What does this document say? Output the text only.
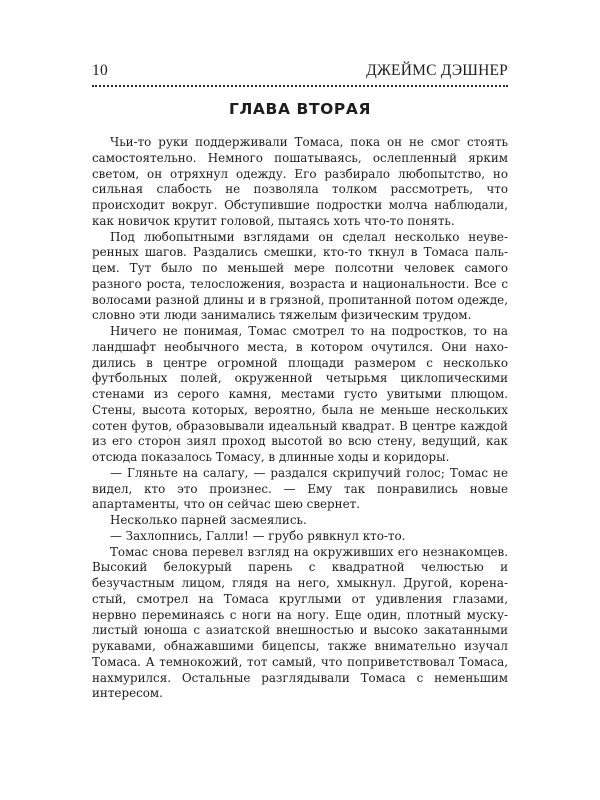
10	ДЖЕЙМС ДЭШНЕР
ГЛАВА ВТОРАЯ

Чьи-то руки поддерживали Томаса, пока он не смог стоять самостоятельно. Немного пошатываясь, ослепленный ярким светом, он отряхнул одежду. Его разбирало любопытство, но сильная слабость не позволяла толком рассмотреть, что происходит вокруг. Обступившие подростки молча наблюдали, как новичок крутит головой, пытаясь хоть что-то понять.

Под любопытными взглядами он сделал несколько неуверенных шагов. Раздались смешки, кто-то ткнул в Томаса пальцем. Тут было по меньшей мере полсотни человек самого разного роста, телосложения, возраста и национальности. Все с волосами разной длины и в грязной, пропитанной потом одежде, словно эти люди занимались тяжелым физическим трудом.

Ничего не понимая, Томас смотрел то на подростков, то на ландшафт необычного места, в котором очутился. Они находились в центре огромной площади размером с несколько футбольных полей, окруженной четырьмя циклопическими стенами из серого камня, местами густо увитыми плющом. Стены, высота которых, вероятно, была не меньше нескольких сотен футов, образовывали идеальный квадрат. В центре каждой из его сторон зиял проход высотой во всю стену, ведущий, как отсюда показалось Томасу, в длинные ходы и коридоры.

— Гляньте на салагу, — раздался скрипучий голос; Томас не видел, кто это произнес. — Ему так понравились новые апартаменты, что он сейчас шею свернет.

Несколько парней засмеялись.

— Захлопнись, Галли! — грубо рявкнул кто-то.

Томас снова перевел взгляд на окруживших его незнакомцев. Высокий белокурый парень с квадратной челюстью и безучастным лицом, глядя на него, хмыкнул. Другой, коренастый, смотрел на Томаса круглыми от удивления глазами, нервно переминаясь с ноги на ногу. Еще один, плотный мускулистый юноша с азиатской внешностью и высоко закатанными рукавами, обнажавшими бицепсы, также внимательно изучал Томаса. А темнокожий, тот самый, что поприветствовал Томаса, нахмурился. Остальные разглядывали Томаса с неменьшим интересом.
